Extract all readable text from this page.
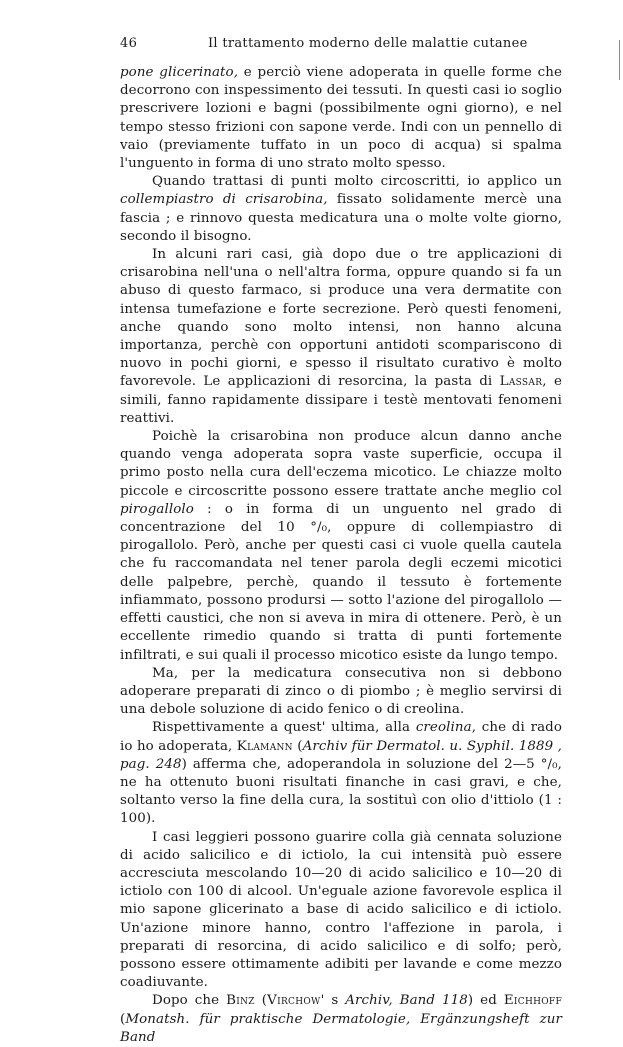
46	Il trattamento moderno delle malattie cutanee

pone glicerinato, e perciò viene adoperata in quelle forme che decorrono con inspessimento dei tessuti. In questi casi io soglio prescrivere lozioni e bagni (possibilmente ogni giorno), e nel tempo stesso frizioni con sapone verde. Indi con un pennello di vaio (previamente tuffato in un poco di acqua) si spalma l'unguento in forma di uno strato molto spesso.

Quando trattasi di punti molto circoscritti, io applico un collempiastro di crisarobina, fissato solidamente mercè una fascia ; e rinnovo questa medicatura una o molte volte giorno, secondo il bisogno.

In alcuni rari casi, già dopo due o tre applicazioni di crisarobina nell'una o nell'altra forma, oppure quando si fa un abuso di questo farmaco, si produce una vera dermatite con intensa tumefazione e forte secrezione. Però questi fenomeni, anche quando sono molto intensi, non hanno alcuna importanza, perchè con opportuni antidoti scompariscono di nuovo in pochi giorni, e spesso il risultato curativo è molto favorevole. Le applicazioni di resorcina, la pasta di Lassar, e simili, fanno rapidamente dissipare i testè mentovati fenomeni reattivi.

Poichè la crisarobina non produce alcun danno anche quando venga adoperata sopra vaste superficie, occupa il primo posto nella cura dell'eczema micotico. Le chiazze molto piccole e circoscritte possono essere trattate anche meglio col pirogallolo : o in forma di un unguento nel grado di concentrazione del 10 °/₀, oppure di collempiastro di pirogallolo. Però, anche per questi casi ci vuole quella cautela che fu raccomandata nel tener parola degli eczemi micotici delle palpebre, perchè, quando il tessuto è fortemente infiammato, possono prodursi — sotto l'azione del pirogallolo — effetti caustici, che non si aveva in mira di ottenere. Però, è un eccellente rimedio quando si tratta di punti fortemente infiltrati, e sui quali il processo micotico esiste da lungo tempo.

Ma, per la medicatura consecutiva non si debbono adoperare preparati di zinco o di piombo ; è meglio servirsi di una debole soluzione di acido fenico o di creolina.

Rispettivamente a quest' ultima, alla creolina, che di rado io ho adoperata, Klamann (Archiv für Dermatol. u. Syphil. 1889 , pag. 248) afferma che, adoperandola in soluzione del 2—5 °/₀, ne ha ottenuto buoni risultati finanche in casi gravi, e che, soltanto verso la fine della cura, la sostituì con olio d'ittiolo (1 : 100).

I casi leggieri possono guarire colla già cennata soluzione di acido salicilico e di ictiolo, la cui intensità può essere accresciuta mescolando 10—20 di acido salicilico e 10—20 di ictiolo con 100 di alcool. Un'eguale azione favorevole esplica il mio sapone glicerinato a base di acido salicilico e di ictiolo. Un'azione minore hanno, contro l'affezione in parola, i preparati di resorcina, di acido salicilico e di solfo; però, possono essere ottimamente adibiti per lavande e come mezzo coadiuvante.

Dopo che Binz (Virchow' s Archiv, Band 118) ed Eichhoff (Monatsh. für praktische Dermatologie, Ergänzungsheft zur Band
